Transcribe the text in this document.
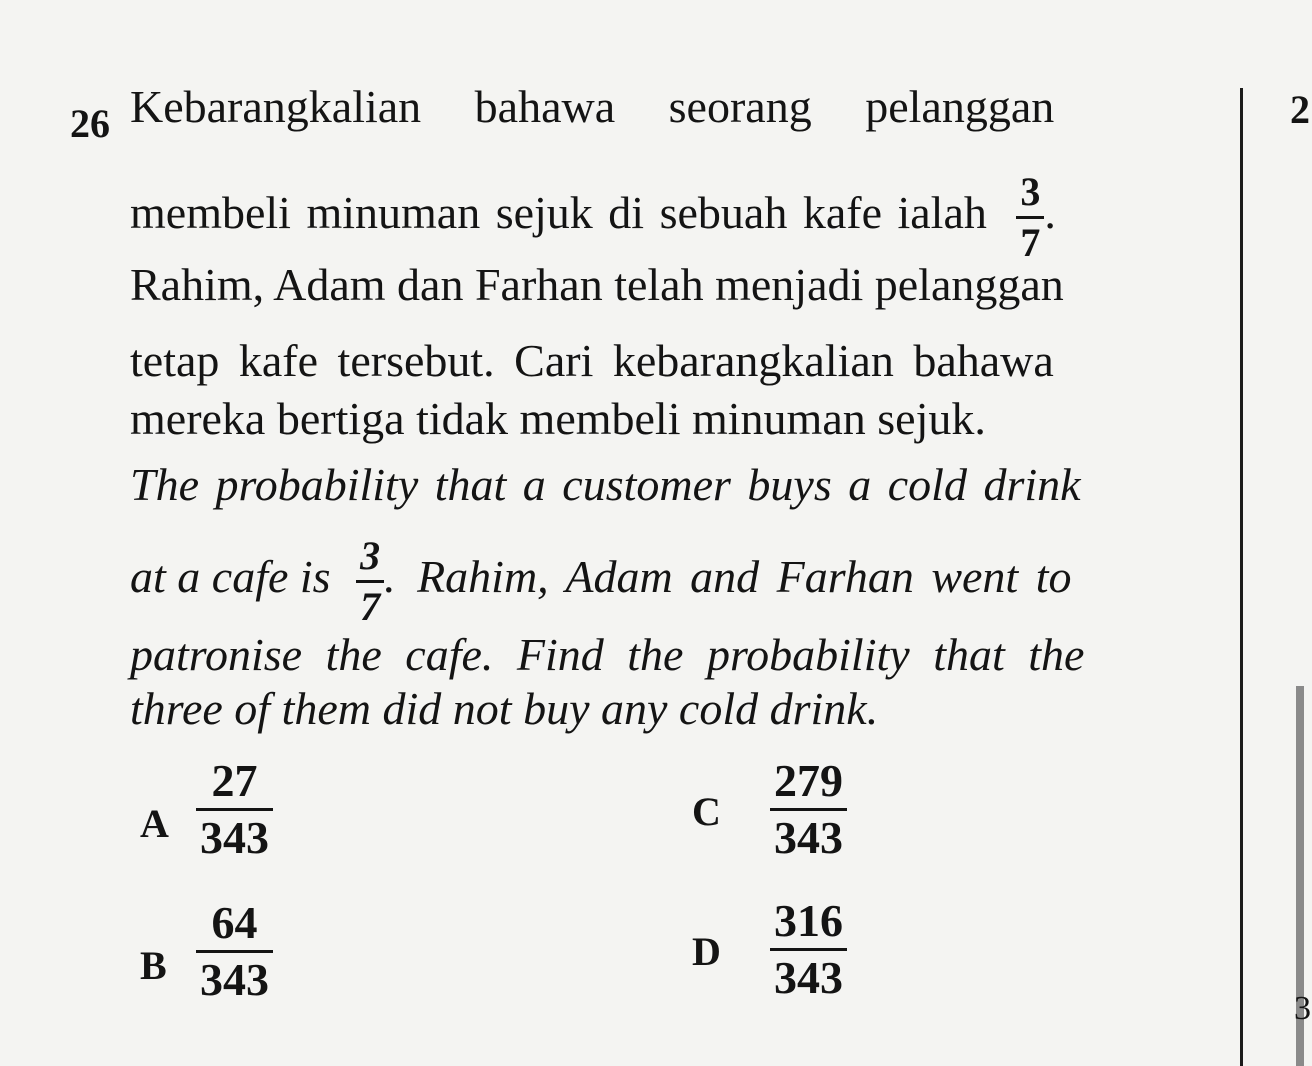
26 Kebarangkalian bahawa seorang pelanggan
membeli minuman sejuk di sebuah kafe ialah $\frac{3}{7}$ .
Rahim, Adam dan Farhan telah menjadi pelanggan
tetap kafe tersebut. Cari kebarangkalian bahawa
mereka bertiga tidak membeli minuman sejuk.
The probability that a customer buys a cold drink
at a cafe is $\frac{3}{7}$ . Rahim, Adam and Farhan went to
patronise the cafe. Find the probability that the
three of them did not buy any cold drink.
A $\frac{27}{343}$
B $\frac{64}{343}$
C $\frac{279}{343}$
D $\frac{316}{343}$
2
3
